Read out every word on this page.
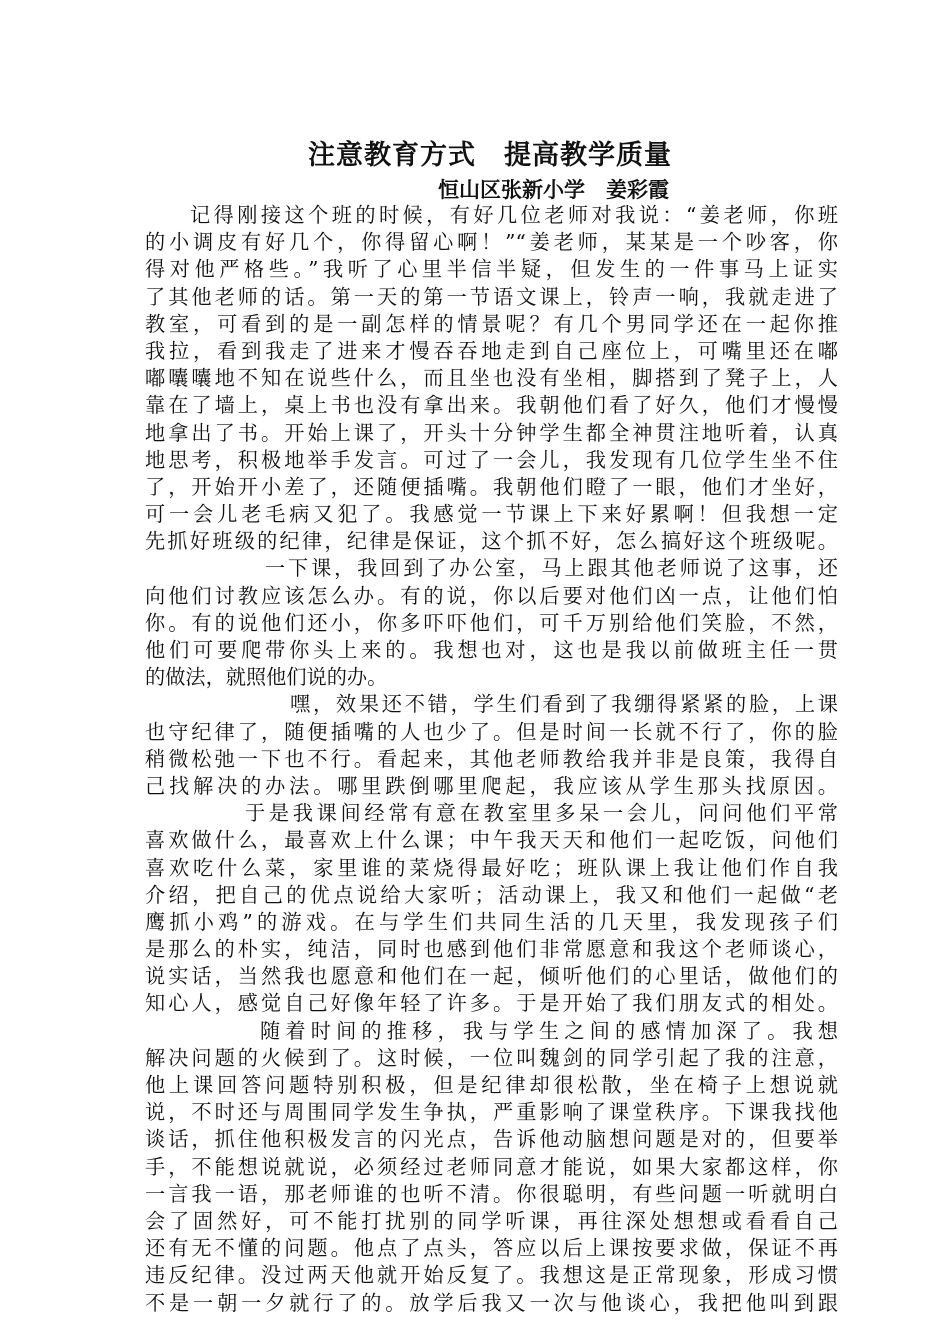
注意教育方式　提高教学质量

恒山区张新小学　姜彩霞

记得刚接这个班的时候，有好几位老师对我说：“姜老师，你班
的小调皮有好几个，你得留心啊！”“姜老师，某某是一个吵客，你
得对他严格些。”我听了心里半信半疑，但发生的一件事马上证实
了其他老师的话。第一天的第一节语文课上，铃声一响，我就走进了
教室，可看到的是一副怎样的情景呢？有几个男同学还在一起你推
我拉，看到我走了进来才慢吞吞地走到自己座位上，可嘴里还在嘟
嘟囔囔地不知在说些什么，而且坐也没有坐相，脚搭到了凳子上，人
靠在了墙上，桌上书也没有拿出来。我朝他们看了好久，他们才慢慢
地拿出了书。开始上课了，开头十分钟学生都全神贯注地听着，认真
地思考，积极地举手发言。可过了一会儿，我发现有几位学生坐不住
了，开始开小差了，还随便插嘴。我朝他们瞪了一眼，他们才坐好，
可一会儿老毛病又犯了。我感觉一节课上下来好累啊！但我想一定
先抓好班级的纪律，纪律是保证，这个抓不好，怎么搞好这个班级呢。
一下课，我回到了办公室，马上跟其他老师说了这事，还
向他们讨教应该怎么办。有的说，你以后要对他们凶一点，让他们怕
你。有的说他们还小，你多吓吓他们，可千万别给他们笑脸，不然，
他们可要爬带你头上来的。我想也对，这也是我以前做班主任一贯
的做法，就照他们说的办。
嘿，效果还不错，学生们看到了我绷得紧紧的脸，上课
也守纪律了，随便插嘴的人也少了。但是时间一长就不行了，你的脸
稍微松弛一下也不行。看起来，其他老师教给我并非是良策，我得自
己找解决的办法。哪里跌倒哪里爬起，我应该从学生那头找原因。
于是我课间经常有意在教室里多呆一会儿，问问他们平常
喜欢做什么，最喜欢上什么课；中午我天天和他们一起吃饭，问他们
喜欢吃什么菜，家里谁的菜烧得最好吃；班队课上我让他们作自我
介绍，把自己的优点说给大家听；活动课上，我又和他们一起做“老
鹰抓小鸡”的游戏。在与学生们共同生活的几天里，我发现孩子们
是那么的朴实，纯洁，同时也感到他们非常愿意和我这个老师谈心，
说实话，当然我也愿意和他们在一起，倾听他们的心里话，做他们的
知心人，感觉自己好像年轻了许多。于是开始了我们朋友式的相处。
随着时间的推移，我与学生之间的感情加深了。我想
解决问题的火候到了。这时候，一位叫魏剑的同学引起了我的注意，
他上课回答问题特别积极，但是纪律却很松散，坐在椅子上想说就
说，不时还与周围同学发生争执，严重影响了课堂秩序。下课我找他
谈话，抓住他积极发言的闪光点，告诉他动脑想问题是对的，但要举
手，不能想说就说，必须经过老师同意才能说，如果大家都这样，你
一言我一语，那老师谁的也听不清。你很聪明，有些问题一听就明白
会了固然好，可不能打扰别的同学听课，再往深处想想或看看自己
还有无不懂的问题。他点了点头，答应以后上课按要求做，保证不再
违反纪律。没过两天他就开始反复了。我想这是正常现象，形成习惯
不是一朝一夕就行了的。放学后我又一次与他谈心，我把他叫到跟
